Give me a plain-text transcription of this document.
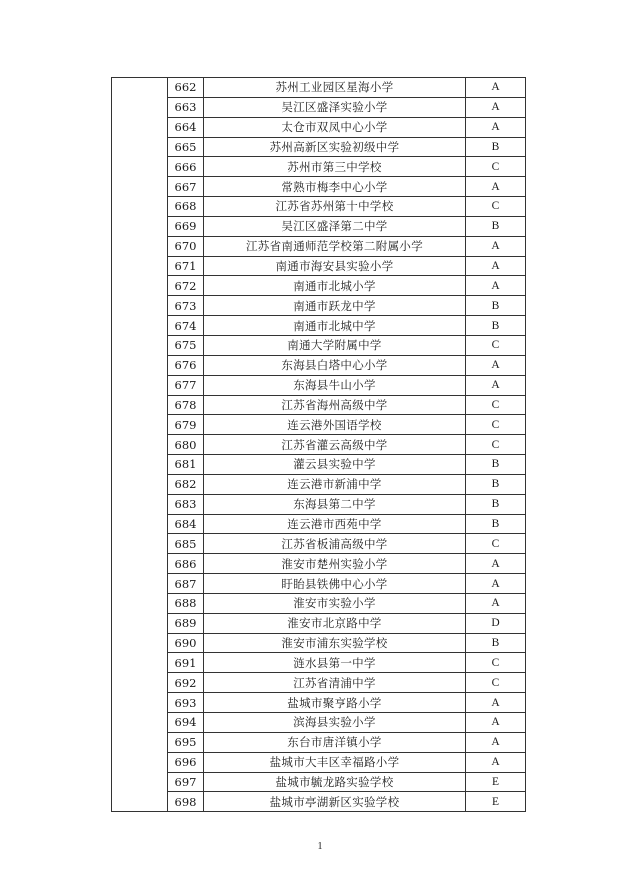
	662	苏州工业园区星海小学	A
	663	吴江区盛泽实验小学	A
	664	太仓市双凤中心小学	A
	665	苏州高新区实验初级中学	B
	666	苏州市第三中学校	C
	667	常熟市梅李中心小学	A
	668	江苏省苏州第十中学校	C
	669	吴江区盛泽第二中学	B
	670	江苏省南通师范学校第二附属小学	A
	671	南通市海安县实验小学	A
	672	南通市北城小学	A
	673	南通市跃龙中学	B
	674	南通市北城中学	B
	675	南通大学附属中学	C
	676	东海县白塔中心小学	A
	677	东海县牛山小学	A
	678	江苏省海州高级中学	C
	679	连云港外国语学校	C
	680	江苏省灌云高级中学	C
	681	灌云县实验中学	B
	682	连云港市新浦中学	B
	683	东海县第二中学	B
	684	连云港市西苑中学	B
	685	江苏省板浦高级中学	C
	686	淮安市楚州实验小学	A
	687	盱眙县铁佛中心小学	A
	688	淮安市实验小学	A
	689	淮安市北京路中学	D
	690	淮安市浦东实验学校	B
	691	涟水县第一中学	C
	692	江苏省清浦中学	C
	693	盐城市聚亨路小学	A
	694	滨海县实验小学	A
	695	东台市唐洋镇小学	A
	696	盐城市大丰区幸福路小学	A
	697	盐城市毓龙路实验学校	E
	698	盐城市亭湖新区实验学校	E
1
